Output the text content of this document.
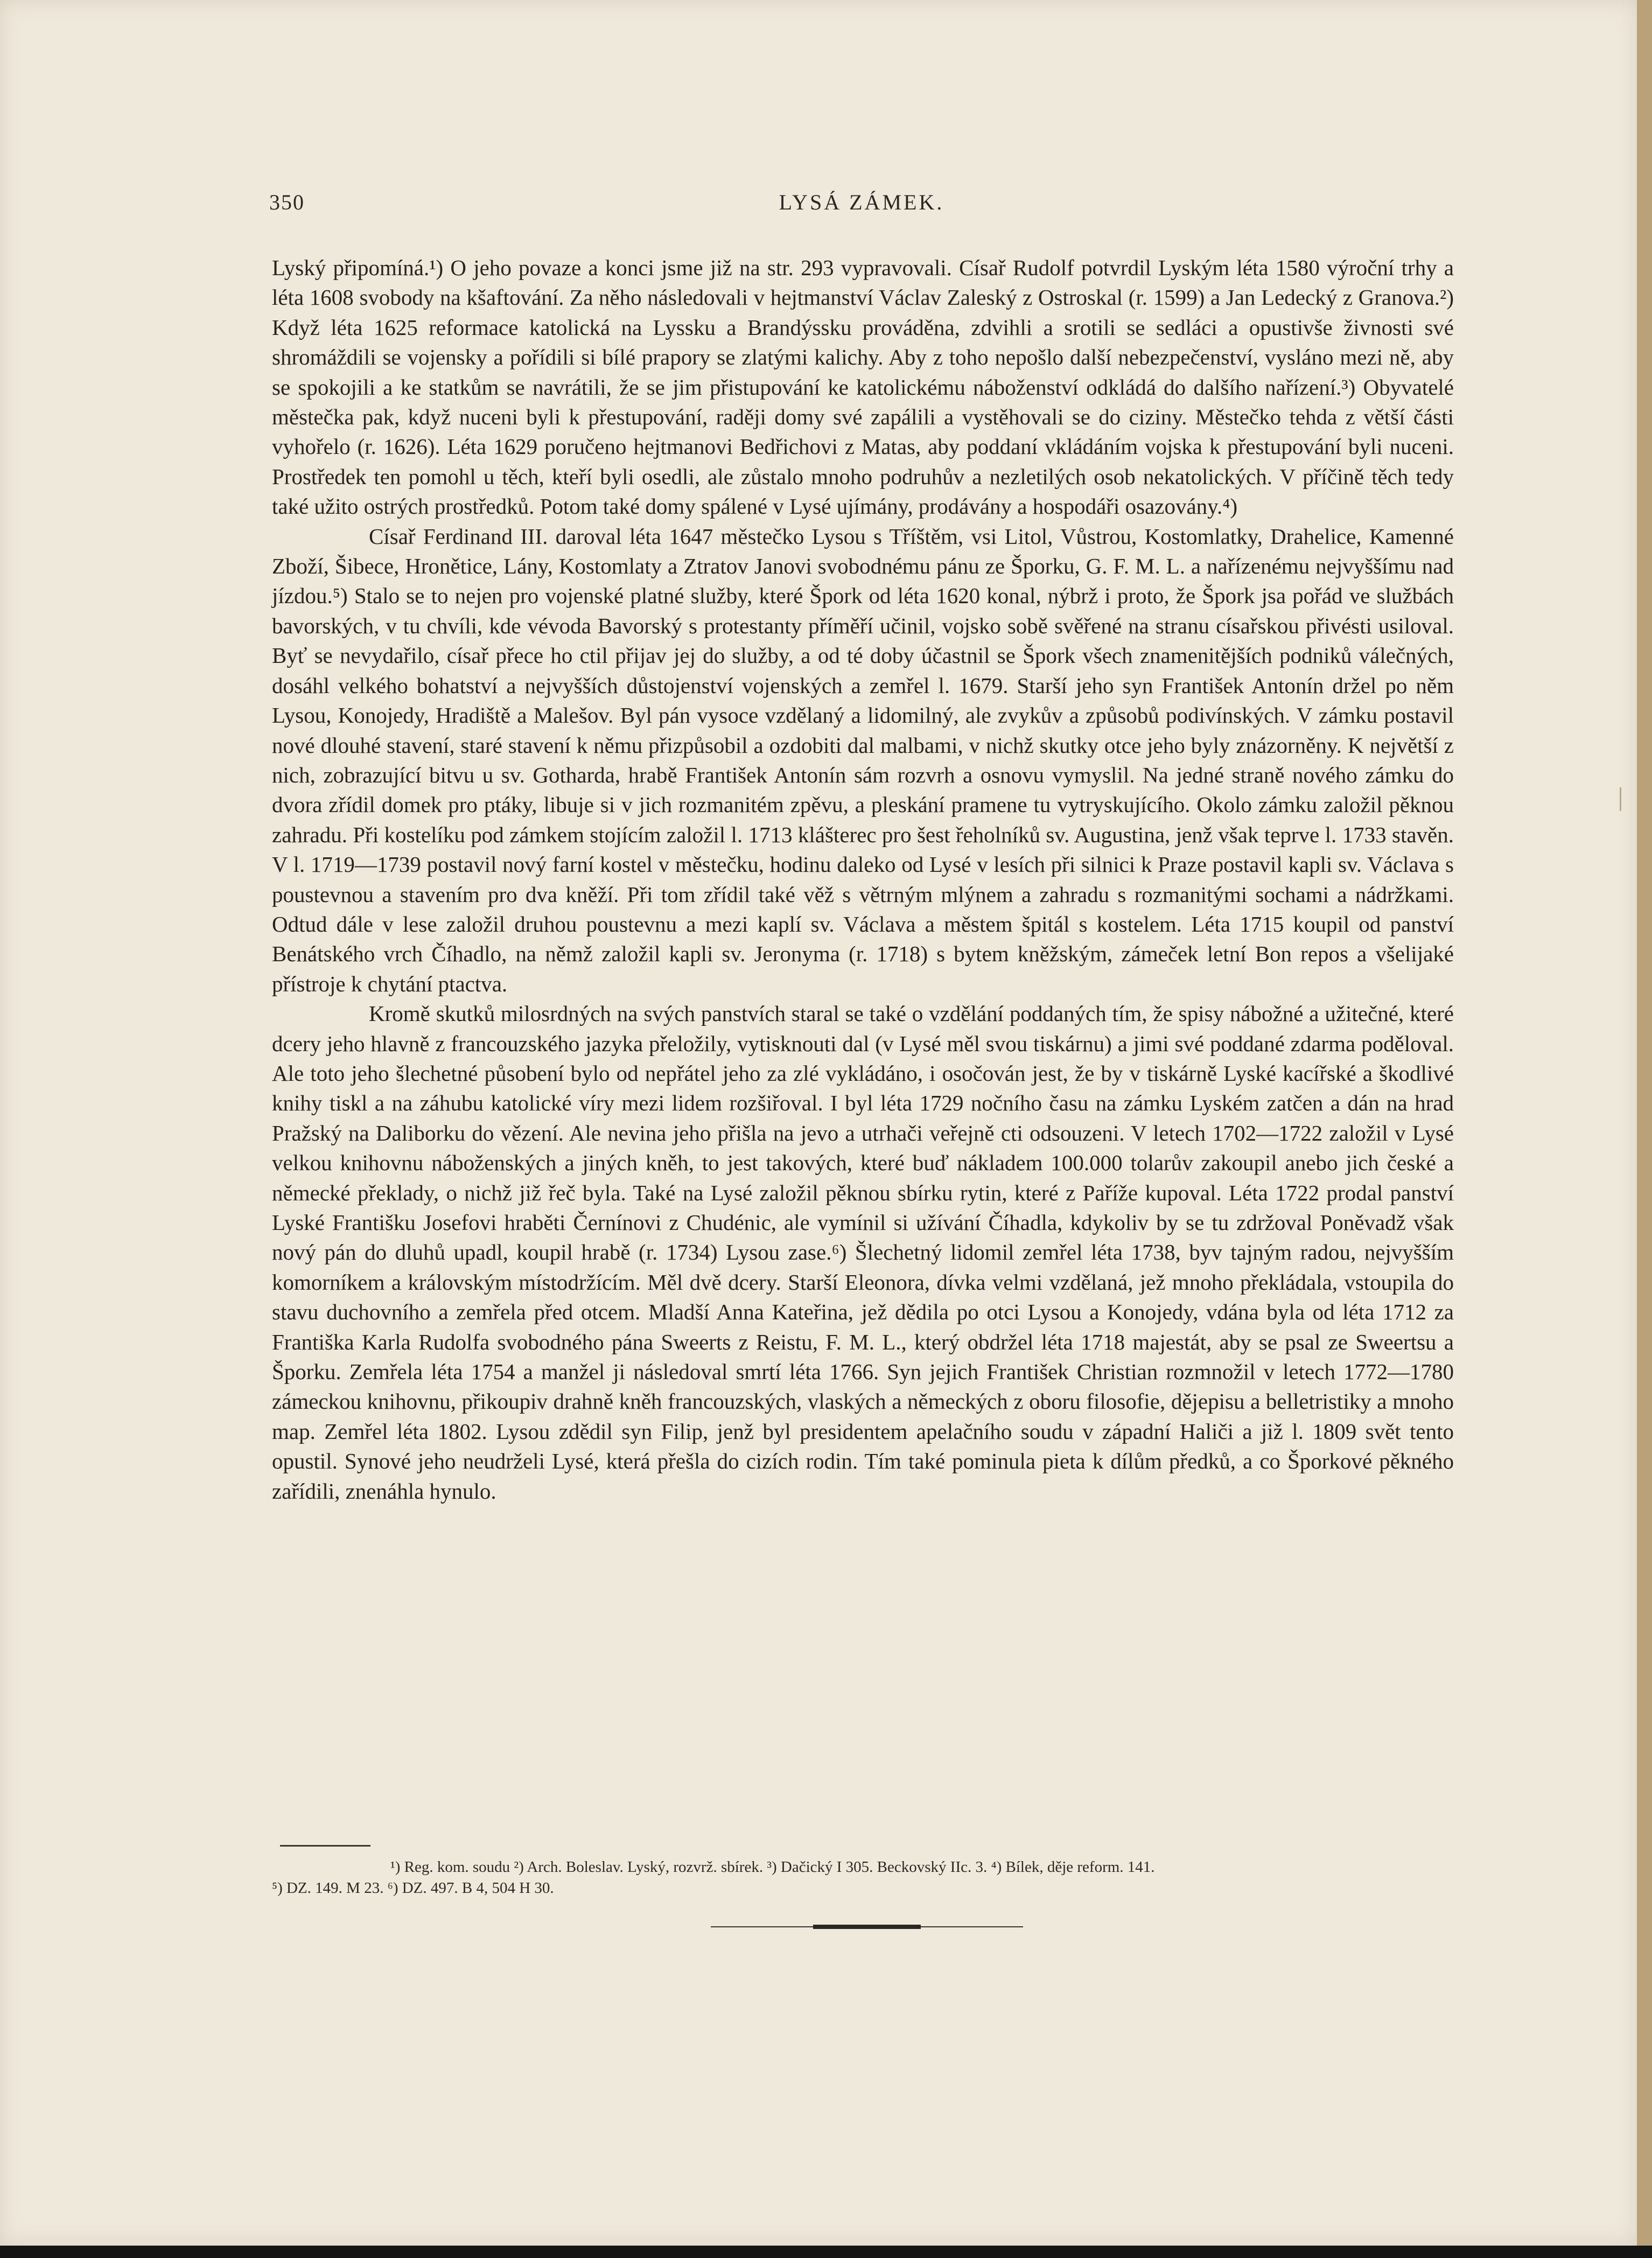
350	LYSÁ ZÁMEK.

Lyský připomíná.¹) O jeho povaze a konci jsme již na str. 293 vypravovali. Císař Rudolf potvrdil Lyským léta 1580 výroční trhy a léta 1608 svobody na kšaftování. Za něho následovali v hejtmanství Václav Zaleský z Ostroskal (r. 1599) a Jan Ledecký z Granova.²) Když léta 1625 reformace katolická na Lyssku a Brandýssku prováděna, zdvihli a srotili se sedláci a opustivše živnosti své shromáždili se vojensky a pořídili si bílé prapory se zlatými kalichy. Aby z toho nepošlo další nebezpečenství, vysláno mezi ně, aby se spokojili a ke statkům se navrátili, že se jim přistupování ke katolickému náboženství odkládá do dalšího nařízení.³) Obyvatelé městečka pak, když nuceni byli k přestupování, raději domy své zapálili a vystěhovali se do ciziny. Městečko tehda z větší části vyhořelo (r. 1626). Léta 1629 poručeno hejtmanovi Bedřichovi z Matas, aby poddaní vkládáním vojska k přestupování byli nuceni. Prostředek ten pomohl u těch, kteří byli osedli, ale zůstalo mnoho podruhův a nezletilých osob nekatolických. V příčině těch tedy také užito ostrých prostředků. Potom také domy spálené v Lysé ujímány, prodávány a hospodáři osazovány.⁴)

Císař Ferdinand III. daroval léta 1647 městečko Lysou s Tříštěm, vsi Litol, Vůstrou, Kostomlatky, Drahelice, Kamenné Zboží, Šibece, Hronětice, Lány, Kostomlaty a Ztratov Janovi svobodnému pánu ze Šporku, G. F. M. L. a nařízenému nejvyššímu nad jízdou.⁵) Stalo se to nejen pro vojenské platné služby, které Špork od léta 1620 konal, nýbrž i proto, že Špork jsa pořád ve službách bavorských, v tu chvíli, kde vévoda Bavorský s protestanty příměří učinil, vojsko sobě svěřené na stranu císařskou přivésti usiloval. Byť se nevydařilo, císař přece ho ctil přijav jej do služby, a od té doby účastnil se Špork všech znamenitějších podniků válečných, dosáhl velkého bohatství a nejvyšších důstojenství vojenských a zemřel l. 1679. Starší jeho syn František Antonín držel po něm Lysou, Konojedy, Hradiště a Malešov. Byl pán vysoce vzdělaný a lidomilný, ale zvykův a způsobů podivínských. V zámku postavil nové dlouhé stavení, staré stavení k němu přizpůsobil a ozdobiti dal malbami, v nichž skutky otce jeho byly znázorněny. K největší z nich, zobrazující bitvu u sv. Gotharda, hrabě František Antonín sám rozvrh a osnovu vymyslil. Na jedné straně nového zámku do dvora zřídil domek pro ptáky, libuje si v jich rozmanitém zpěvu, a pleskání pramene tu vytryskujícího. Okolo zámku založil pěknou zahradu. Při kostelíku pod zámkem stojícím založil l. 1713 klášterec pro šest řeholníků sv. Augustina, jenž však teprve l. 1733 stavěn. V l. 1719—1739 postavil nový farní kostel v městečku, hodinu daleko od Lysé v lesích při silnici k Praze postavil kapli sv. Václava s poustevnou a stavením pro dva kněží. Při tom zřídil také věž s větrným mlýnem a zahradu s rozmanitými sochami a nádržkami. Odtud dále v lese založil druhou poustevnu a mezi kaplí sv. Václava a městem špitál s kostelem. Léta 1715 koupil od panství Benátského vrch Číhadlo, na němž založil kapli sv. Jeronyma (r. 1718) s bytem kněžským, zámeček letní Bon repos a všelijaké přístroje k chytání ptactva.

Kromě skutků milosrdných na svých panstvích staral se také o vzdělání poddaných tím, že spisy nábožné a užitečné, které dcery jeho hlavně z francouzského jazyka přeložily, vytisknouti dal (v Lysé měl svou tiskárnu) a jimi své poddané zdarma poděloval. Ale toto jeho šlechetné působení bylo od nepřátel jeho za zlé vykládáno, i osočován jest, že by v tiskárně Lyské kacířské a škodlivé knihy tiskl a na záhubu katolické víry mezi lidem rozšiřoval. I byl léta 1729 nočního času na zámku Lyském zatčen a dán na hrad Pražský na Daliborku do vězení. Ale nevina jeho přišla na jevo a utrhači veřejně cti odsouzeni. V letech 1702—1722 založil v Lysé velkou knihovnu náboženských a jiných kněh, to jest takových, které buď nákladem 100.000 tolarův zakoupil anebo jich české a německé překlady, o nichž již řeč byla. Také na Lysé založil pěknou sbírku rytin, které z Paříže kupoval. Léta 1722 prodal panství Lyské Františku Josefovi hraběti Černínovi z Chudénic, ale vymínil si užívání Číhadla, kdykoliv by se tu zdržoval Poněvadž však nový pán do dluhů upadl, koupil hrabě (r. 1734) Lysou zase.⁶) Šlechetný lidomil zemřel léta 1738, byv tajným radou, nejvyšším komorníkem a královským místodržícím. Měl dvě dcery. Starší Eleonora, dívka velmi vzdělaná, jež mnoho překládala, vstoupila do stavu duchovního a zemřela před otcem. Mladší Anna Kateřina, jež dědila po otci Lysou a Konojedy, vdána byla od léta 1712 za Františka Karla Rudolfa svobodného pána Sweerts z Reistu, F. M. L., který obdržel léta 1718 majestát, aby se psal ze Sweertsu a Šporku. Zemřela léta 1754 a manžel ji následoval smrtí léta 1766. Syn jejich František Christian rozmnožil v letech 1772—1780 zámeckou knihovnu, přikoupiv drahně kněh francouzských, vlaských a německých z oboru filosofie, dějepisu a belletristiky a mnoho map. Zemřel léta 1802. Lysou zdědil syn Filip, jenž byl presidentem apelačního soudu v západní Haliči a již l. 1809 svět tento opustil. Synové jeho neudrželi Lysé, která přešla do cizích rodin. Tím také pominula pieta k dílům předků, a co Šporkové pěkného zařídili, znenáhla hynulo.

¹) Reg. kom. soudu ²) Arch. Boleslav. Lyský, rozvrž. sbírek. ³) Dačický I 305. Beckovský IIc. 3. ⁴) Bílek, děje reform. 141.

⁵) DZ. 149. M 23. ⁶) DZ. 497. B 4, 504 H 30.
